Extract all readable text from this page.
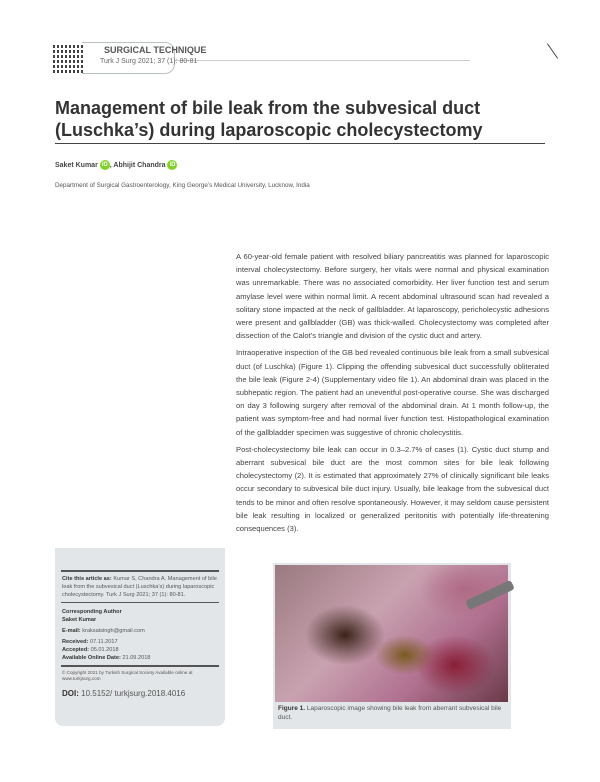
SURGICAL TECHNIQUE
Turk J Surg 2021; 37 (1): 80-81
Management of bile leak from the subvesical duct (Luschka’s) during laparoscopic cholecystectomy
Saket Kumar iD , Abhijit Chandra iD
Department of Surgical Gastroenterology, King George’s Medical University, Lucknow, India

A 60-year-old female patient with resolved biliary pancreatitis was planned for laparoscopic interval cholecystectomy. Before surgery, her vitals were normal and physical examination was unremarkable. There was no associated comorbidity. Her liver function test and serum amylase level were within normal limit. A recent abdominal ultrasound scan had revealed a solitary stone impacted at the neck of gallbladder. At laparoscopy, pericholecystic adhesions were present and gallbladder (GB) was thick-walled. Cholecystectomy was completed after dissection of the Calot’s triangle and division of the cystic duct and artery.

Intraoperative inspection of the GB bed revealed continuous bile leak from a small subvesical duct (of Luschka) (Figure 1). Clipping the offending subvesical duct successfully obliterated the bile leak (Figure 2-4) (Supplementary video file 1). An abdominal drain was placed in the subhepatic region. The patient had an uneventful post-operative course. She was discharged on day 3 following surgery after removal of the abdominal drain. At 1 month follow-up, the patient was symptom-free and had normal liver function test. Histopathological examination of the gallbladder specimen was suggestive of chronic cholecystitis.

Post-cholecystectomy bile leak can occur in 0.3–2.7% of cases (1). Cystic duct stump and aberrant subvesical bile duct are the most common sites for bile leak following cholecystectomy (2). It is estimated that approximately 27% of clinically significant bile leaks occur secondary to subvesical bile duct injury. Usually, bile leakage from the subvesical duct tends to be minor and often resolve spontaneously. However, it may seldom cause persistent bile leak resulting in localized or generalized peritonitis with potentially life-threatening consequences (3).

Cite this article as: Kumar S, Chandra A. Management of bile leak from the subvesical duct (Luschka’s) during laparoscopic cholecystectomy. Turk J Surg 2021; 37 (1): 80-81.
Corresponding Author
Saket Kumar
E-mail: kraksatsingh@gmail.com
Received: 07.11.2017
Accepted: 05.01.2018
Available Online Date: 21.09.2018
© Copyright 2021 by Turkish Surgical Society Available online at www.turkjsurg.com
DOI: 10.5152/ turkjsurg.2018.4016
Figure 1. Laparoscopic image showing bile leak from aberrant subvesical bile duct.
